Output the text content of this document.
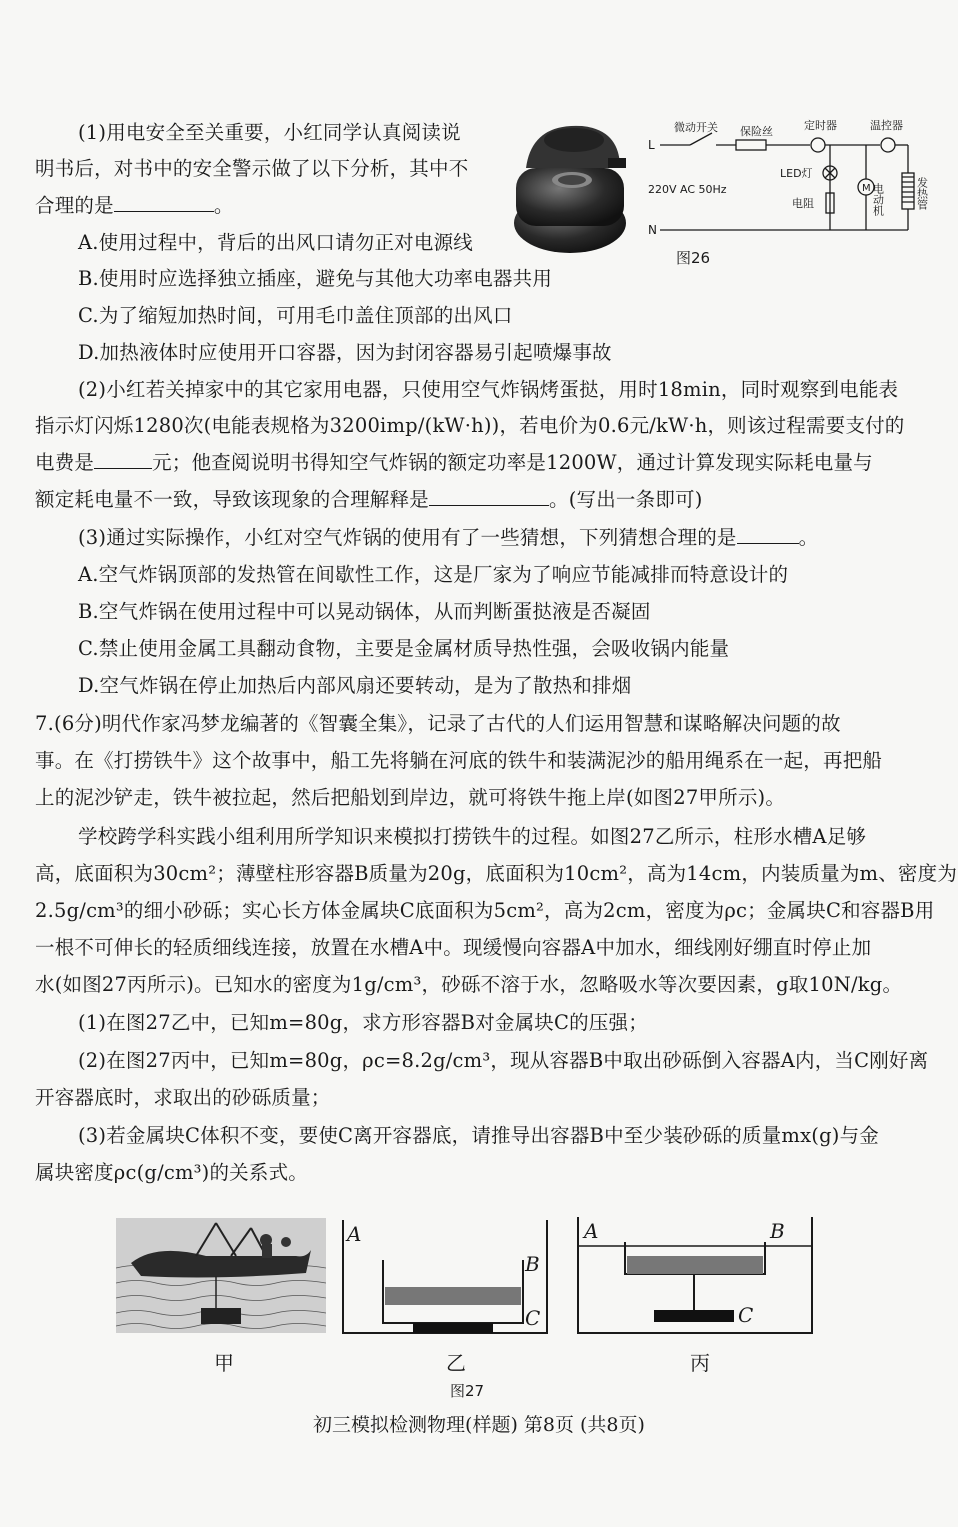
(1)用电安全至关重要，小红同学认真阅读说
明书后，对书中的安全警示做了以下分析，其中不
合理的是	。
A.使用过程中，背后的出风口请勿正对电源线
B.使用时应选择独立插座，避免与其他大功率电器共用
C.为了缩短加热时间，可用毛巾盖住顶部的出风口
D.加热液体时应使用开口容器，因为封闭容器易引起喷爆事故
L
N
微动开关 保险丝	定时器	温控器
220V AC 50Hz
LED灯
电阻
M 电动机	发热管
图26
(2)小红若关掉家中的其它家用电器，只使用空气炸锅烤蛋挞，用时18min，同时观察到电能表
指示灯闪烁1280次(电能表规格为3200imp/(kW·h))，若电价为0.6元/kW·h，则该过程需要支付的
电费是	元；他查阅说明书得知空气炸锅的额定功率是1200W，通过计算发现实际耗电量与
额定耗电量不一致，导致该现象的合理解释是	。(写出一条即可)
(3)通过实际操作，小红对空气炸锅的使用有了一些猜想，下列猜想合理的是	。
A.空气炸锅顶部的发热管在间歇性工作，这是厂家为了响应节能减排而特意设计的
B.空气炸锅在使用过程中可以晃动锅体，从而判断蛋挞液是否凝固
C.禁止使用金属工具翻动食物，主要是金属材质导热性强，会吸收锅内能量
D.空气炸锅在停止加热后内部风扇还要转动，是为了散热和排烟
7.(6分)明代作家冯梦龙编著的《智囊全集》，记录了古代的人们运用智慧和谋略解决问题的故
事。在《打捞铁牛》这个故事中，船工先将躺在河底的铁牛和装满泥沙的船用绳系在一起，再把船
上的泥沙铲走，铁牛被拉起，然后把船划到岸边，就可将铁牛拖上岸(如图27甲所示)。
学校跨学科实践小组利用所学知识来模拟打捞铁牛的过程。如图27乙所示，柱形水槽A足够
高，底面积为30cm²；薄壁柱形容器B质量为20g，底面积为10cm²，高为14cm，内装质量为m、密度为
2.5g/cm³的细小砂砾；实心长方体金属块C底面积为5cm²，高为2cm，密度为ρc；金属块C和容器B用
一根不可伸长的轻质细线连接，放置在水槽A中。现缓慢向容器A中加水，细线刚好绷直时停止加
水(如图27丙所示)。已知水的密度为1g/cm³，砂砾不溶于水，忽略吸水等次要因素，g取10N/kg。
(1)在图27乙中，已知m=80g，求方形容器B对金属块C的压强；
(2)在图27丙中，已知m=80g，ρc=8.2g/cm³，现从容器B中取出砂砾倒入容器A内，当C刚好离
开容器底时，求取出的砂砾质量；
(3)若金属块C体积不变，要使C离开容器底，请推导出容器B中至少装砂砾的质量mx(g)与金
属块密度ρc(g/cm³)的关系式。
A
B
C
A	B
C
甲	乙	丙
图27
初三模拟检测物理(样题) 第8页 (共8页)
